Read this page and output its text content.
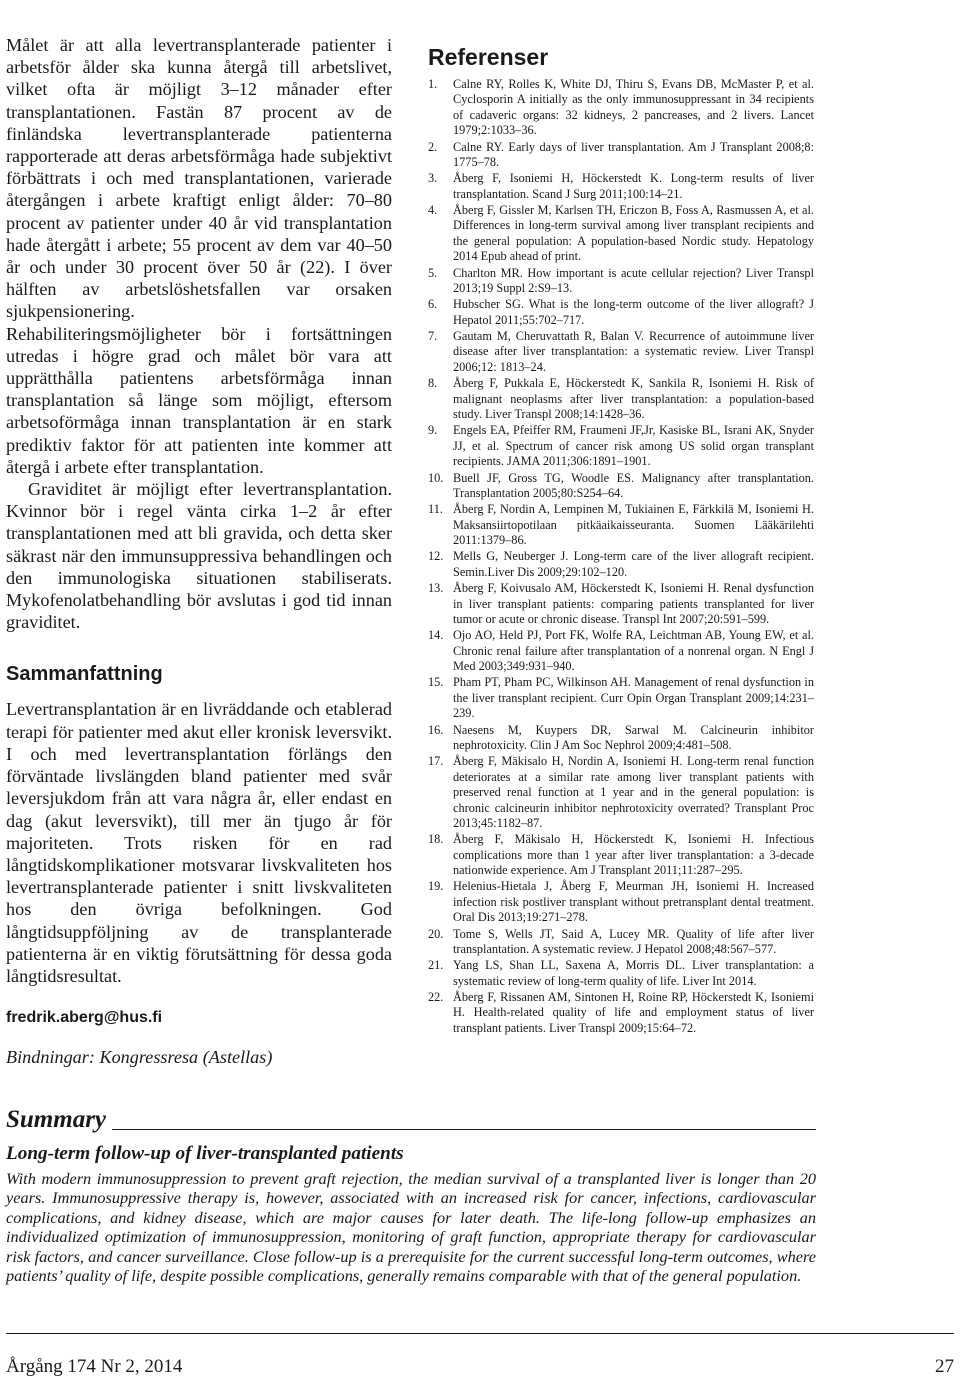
Målet är att alla levertransplanterade patienter i arbetsför ålder ska kunna återgå till arbetslivet, vilket ofta är möjligt 3–12 månader efter transplantationen. Fastän 87 procent av de finländska levertransplanterade patienterna rapporterade att deras arbetsförmåga hade subjektivt förbättrats i och med transplantationen, varierade återgången i arbete kraftigt enligt ålder: 70–80 procent av patienter under 40 år vid transplantation hade återgått i arbete; 55 procent av dem var 40–50 år och under 30 procent över 50 år (22). I över hälften av arbetslöshetsfallen var orsaken sjukpensionering.

Rehabiliteringsmöjligheter bör i fortsättningen utredas i högre grad och målet bör vara att upprätthålla patientens arbetsförmåga innan transplantation så länge som möjligt, eftersom arbetsoförmåga innan transplantation är en stark prediktiv faktor för att patienten inte kommer att återgå i arbete efter transplantation.

Graviditet är möjligt efter levertransplantation. Kvinnor bör i regel vänta cirka 1–2 år efter transplantationen med att bli gravida, och detta sker säkrast när den immunsuppressiva behandlingen och den immunologiska situationen stabiliserats. Mykofenolatbehandling bör avslutas i god tid innan graviditet.

Sammanfattning

Levertransplantation är en livräddande och etablerad terapi för patienter med akut eller kronisk leversvikt. I och med levertransplantation förlängs den förväntade livslängden bland patienter med svår leversjukdom från att vara några år, eller endast en dag (akut leversvikt), till mer än tjugo år för majoriteten. Trots risken för en rad långtidskomplikationer motsvarar livskvaliteten hos levertransplanterade patienter i snitt livskvaliteten hos den övriga befolkningen. God långtidsuppföljning av de transplanterade patienterna är en viktig förutsättning för dessa goda långtidsresultat.

fredrik.aberg@hus.fi

Bindningar: Kongressresa (Astellas)

Referenser
1. Calne RY, Rolles K, White DJ, Thiru S, Evans DB, McMaster P, et al. Cyclosporin A initially as the only immunosuppressant in 34 recipients of cadaveric organs: 32 kidneys, 2 pancreases, and 2 livers. Lancet 1979;2:1033–36.
2. Calne RY. Early days of liver transplantation. Am J Transplant 2008;8: 1775–78.
3. Åberg F, Isoniemi H, Höckerstedt K. Long-term results of liver transplantation. Scand J Surg 2011;100:14–21.
4. Åberg F, Gissler M, Karlsen TH, Ericzon B, Foss A, Rasmussen A, et al. Differences in long-term survival among liver transplant recipients and the general population: A population-based Nordic study. Hepatology 2014 Epub ahead of print.
5. Charlton MR. How important is acute cellular rejection? Liver Transpl 2013;19 Suppl 2:S9–13.
6. Hubscher SG. What is the long-term outcome of the liver allograft? J Hepatol 2011;55:702–717.
7. Gautam M, Cheruvattath R, Balan V. Recurrence of autoimmune liver disease after liver transplantation: a systematic review. Liver Transpl 2006;12: 1813–24.
8. Åberg F, Pukkala E, Höckerstedt K, Sankila R, Isoniemi H. Risk of malignant neoplasms after liver transplantation: a population-based study. Liver Transpl 2008;14:1428–36.
9. Engels EA, Pfeiffer RM, Fraumeni JF,Jr, Kasiske BL, Israni AK, Snyder JJ, et al. Spectrum of cancer risk among US solid organ transplant recipients. JAMA 2011;306:1891–1901.
10. Buell JF, Gross TG, Woodle ES. Malignancy after transplantation. Transplantation 2005;80:S254–64.
11. Åberg F, Nordin A, Lempinen M, Tukiainen E, Färkkilä M, Isoniemi H. Maksansiirtopotilaan pitkäaikaisseuranta. Suomen Lääkärilehti 2011:1379–86.
12. Mells G, Neuberger J. Long-term care of the liver allograft recipient. Semin.Liver Dis 2009;29:102–120.
13. Åberg F, Koivusalo AM, Höckerstedt K, Isoniemi H. Renal dysfunction in liver transplant patients: comparing patients transplanted for liver tumor or acute or chronic disease. Transpl Int 2007;20:591–599.
14. Ojo AO, Held PJ, Port FK, Wolfe RA, Leichtman AB, Young EW, et al. Chronic renal failure after transplantation of a nonrenal organ. N Engl J Med 2003;349:931–940.
15. Pham PT, Pham PC, Wilkinson AH. Management of renal dysfunction in the liver transplant recipient. Curr Opin Organ Transplant 2009;14:231–239.
16. Naesens M, Kuypers DR, Sarwal M. Calcineurin inhibitor nephrotoxicity. Clin J Am Soc Nephrol 2009;4:481–508.
17. Åberg F, Mäkisalo H, Nordin A, Isoniemi H. Long-term renal function deteriorates at a similar rate among liver transplant patients with preserved renal function at 1 year and in the general population: is chronic calcineurin inhibitor nephrotoxicity overrated? Transplant Proc 2013;45:1182–87.
18. Åberg F, Mäkisalo H, Höckerstedt K, Isoniemi H. Infectious complications more than 1 year after liver transplantation: a 3-decade nationwide experience. Am J Transplant 2011;11:287–295.
19. Helenius-Hietala J, Åberg F, Meurman JH, Isoniemi H. Increased infection risk postliver transplant without pretransplant dental treatment. Oral Dis 2013;19:271–278.
20. Tome S, Wells JT, Said A, Lucey MR. Quality of life after liver transplantation. A systematic review. J Hepatol 2008;48:567–577.
21. Yang LS, Shan LL, Saxena A, Morris DL. Liver transplantation: a systematic review of long-term quality of life. Liver Int 2014.
22. Åberg F, Rissanen AM, Sintonen H, Roine RP, Höckerstedt K, Isoniemi H. Health-related quality of life and employment status of liver transplant patients. Liver Transpl 2009;15:64–72.
Summary
Long-term follow-up of liver-transplanted patients

With modern immunosuppression to prevent graft rejection, the median survival of a transplanted liver is longer than 20 years. Immunosuppressive therapy is, however, associated with an increased risk for cancer, infections, cardiovascular complications, and kidney disease, which are major causes for later death. The life-long follow-up emphasizes an individualized optimization of immunosuppression, monitoring of graft function, appropriate therapy for cardiovascular risk factors, and cancer surveillance. Close follow-up is a prerequisite for the current successful long-term outcomes, where patients’ quality of life, despite possible complications, generally remains comparable with that of the general population.

Årgång 174 Nr 2, 2014	27
